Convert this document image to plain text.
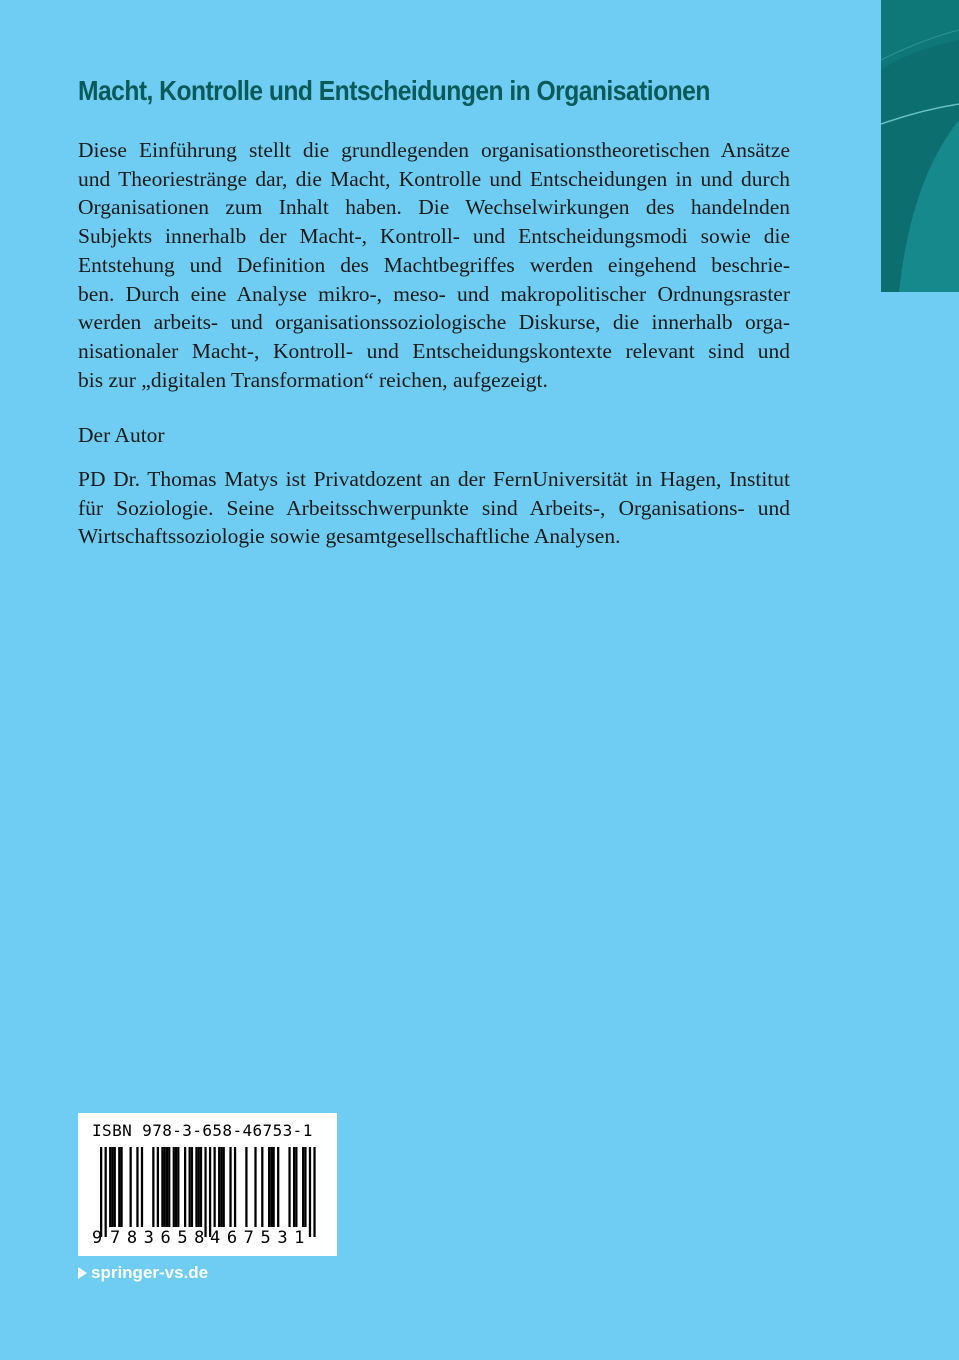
Macht, Kontrolle und Entscheidungen in Organisationen
Diese Einführung stellt die grundlegenden organisationstheoretischen Ansätze
und Theoriestränge dar, die Macht, Kontrolle und Entscheidungen in und durch
Organisationen zum Inhalt haben. Die Wechselwirkungen des handelnden
Subjekts innerhalb der Macht-, Kontroll- und Entscheidungsmodi sowie die
Entstehung und Definition des Machtbegriffes werden eingehend beschrie-
ben. Durch eine Analyse mikro-, meso- und makropolitischer Ordnungsraster
werden arbeits- und organisationssoziologische Diskurse, die innerhalb orga-
nisationaler Macht-, Kontroll- und Entscheidungskontexte relevant sind und
bis zur „digitalen Transformation“ reichen, aufgezeigt.
Der Autor
PD Dr. Thomas Matys ist Privatdozent an der FernUniversität in Hagen, Institut
für Soziologie. Seine Arbeitsschwerpunkte sind Arbeits-, Organisations- und
Wirtschaftssoziologie sowie gesamtgesellschaftliche Analysen.
ISBN 978-3-658-46753-1
9 783658
467531
springer-vs.de
